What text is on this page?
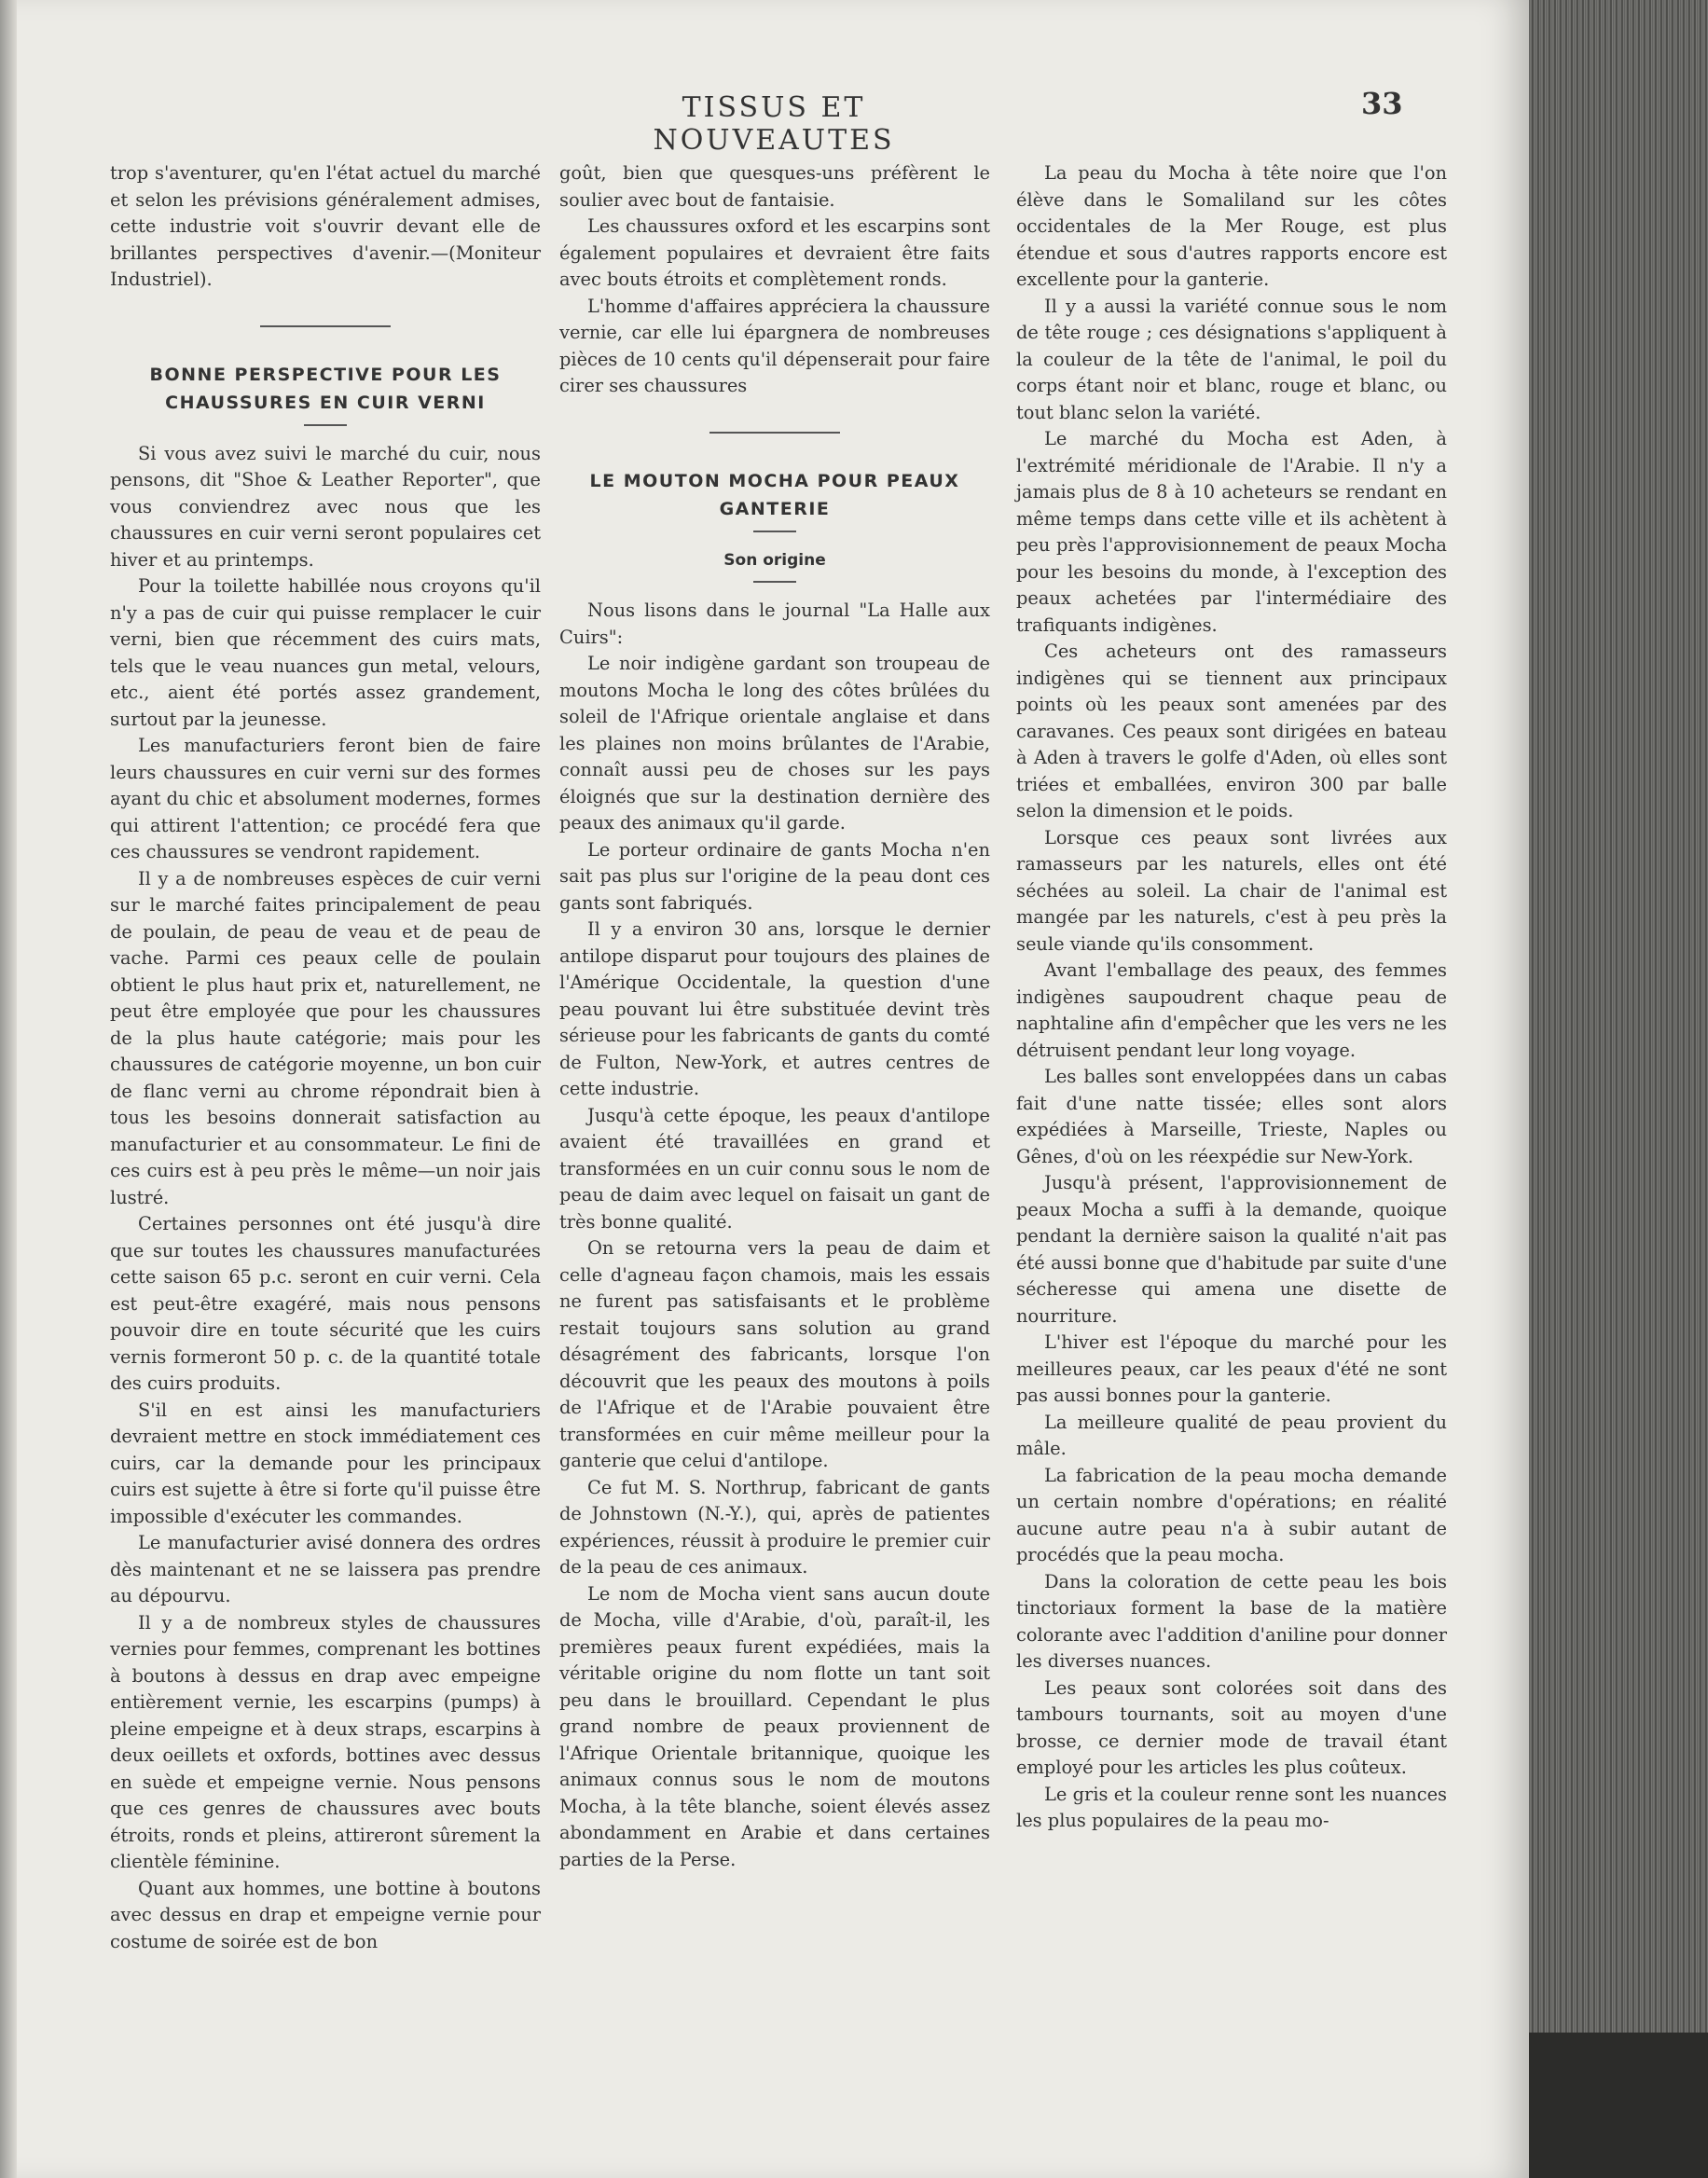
TISSUS ET NOUVEAUTES
33

trop s'aventurer, qu'en l'état actuel du marché et selon les prévisions généralement admises, cette industrie voit s'ouvrir devant elle de brillantes perspectives d'avenir.—(Moniteur Industriel).

BONNE PERSPECTIVE POUR LES CHAUSSURES EN CUIR VERNI

Si vous avez suivi le marché du cuir, nous pensons, dit "Shoe & Leather Reporter", que vous conviendrez avec nous que les chaussures en cuir verni seront populaires cet hiver et au printemps.

Pour la toilette habillée nous croyons qu'il n'y a pas de cuir qui puisse remplacer le cuir verni, bien que récemment des cuirs mats, tels que le veau nuances gun metal, velours, etc., aient été portés assez grandement, surtout par la jeunesse.

Les manufacturiers feront bien de faire leurs chaussures en cuir verni sur des formes ayant du chic et absolument modernes, formes qui attirent l'attention; ce procédé fera que ces chaussures se vendront rapidement.

Il y a de nombreuses espèces de cuir verni sur le marché faites principalement de peau de poulain, de peau de veau et de peau de vache. Parmi ces peaux celle de poulain obtient le plus haut prix et, naturellement, ne peut être employée que pour les chaussures de la plus haute catégorie; mais pour les chaussures de catégorie moyenne, un bon cuir de flanc verni au chrome répondrait bien à tous les besoins donnerait satisfaction au manufacturier et au consommateur. Le fini de ces cuirs est à peu près le même—un noir jais lustré.

Certaines personnes ont été jusqu'à dire que sur toutes les chaussures manufacturées cette saison 65 p.c. seront en cuir verni. Cela est peut-être exagéré, mais nous pensons pouvoir dire en toute sécurité que les cuirs vernis formeront 50 p. c. de la quantité totale des cuirs produits.

S'il en est ainsi les manufacturiers devraient mettre en stock immédiatement ces cuirs, car la demande pour les principaux cuirs est sujette à être si forte qu'il puisse être impossible d'exécuter les commandes.

Le manufacturier avisé donnera des ordres dès maintenant et ne se laissera pas prendre au dépourvu.

Il y a de nombreux styles de chaussures vernies pour femmes, comprenant les bottines à boutons à dessus en drap avec empeigne entièrement vernie, les escarpins (pumps) à pleine empeigne et à deux straps, escarpins à deux oeillets et oxfords, bottines avec dessus en suède et empeigne vernie. Nous pensons que ces genres de chaussures avec bouts étroits, ronds et pleins, attireront sûrement la clientèle féminine.

Quant aux hommes, une bottine à boutons avec dessus en drap et empeigne vernie pour costume de soirée est de bon

goût, bien que quesques-uns préfèrent le soulier avec bout de fantaisie.

Les chaussures oxford et les escarpins sont également populaires et devraient être faits avec bouts étroits et complètement ronds.

L'homme d'affaires appréciera la chaussure vernie, car elle lui épargnera de nombreuses pièces de 10 cents qu'il dépenserait pour faire cirer ses chaussures

LE MOUTON MOCHA POUR PEAUX GANTERIE
Son origine

Nous lisons dans le journal "La Halle aux Cuirs":

Le noir indigène gardant son troupeau de moutons Mocha le long des côtes brûlées du soleil de l'Afrique orientale anglaise et dans les plaines non moins brûlantes de l'Arabie, connaît aussi peu de choses sur les pays éloignés que sur la destination dernière des peaux des animaux qu'il garde.

Le porteur ordinaire de gants Mocha n'en sait pas plus sur l'origine de la peau dont ces gants sont fabriqués.

Il y a environ 30 ans, lorsque le dernier antilope disparut pour toujours des plaines de l'Amérique Occidentale, la question d'une peau pouvant lui être substituée devint très sérieuse pour les fabricants de gants du comté de Fulton, New-York, et autres centres de cette industrie.

Jusqu'à cette époque, les peaux d'antilope avaient été travaillées en grand et transformées en un cuir connu sous le nom de peau de daim avec lequel on faisait un gant de très bonne qualité.

On se retourna vers la peau de daim et celle d'agneau façon chamois, mais les essais ne furent pas satisfaisants et le problème restait toujours sans solution au grand désagrément des fabricants, lorsque l'on découvrit que les peaux des moutons à poils de l'Afrique et de l'Arabie pouvaient être transformées en cuir même meilleur pour la ganterie que celui d'antilope.

Ce fut M. S. Northrup, fabricant de gants de Johnstown (N.-Y.), qui, après de patientes expériences, réussit à produire le premier cuir de la peau de ces animaux.

Le nom de Mocha vient sans aucun doute de Mocha, ville d'Arabie, d'où, paraît-il, les premières peaux furent expédiées, mais la véritable origine du nom flotte un tant soit peu dans le brouillard. Cependant le plus grand nombre de peaux proviennent de l'Afrique Orientale britannique, quoique les animaux connus sous le nom de moutons Mocha, à la tête blanche, soient élevés assez abondamment en Arabie et dans certaines parties de la Perse.

La peau du Mocha à tête noire que l'on élève dans le Somaliland sur les côtes occidentales de la Mer Rouge, est plus étendue et sous d'autres rapports encore est excellente pour la ganterie.

Il y a aussi la variété connue sous le nom de tête rouge ; ces désignations s'appliquent à la couleur de la tête de l'animal, le poil du corps étant noir et blanc, rouge et blanc, ou tout blanc selon la variété.

Le marché du Mocha est Aden, à l'extrémité méridionale de l'Arabie. Il n'y a jamais plus de 8 à 10 acheteurs se rendant en même temps dans cette ville et ils achètent à peu près l'approvisionnement de peaux Mocha pour les besoins du monde, à l'exception des peaux achetées par l'intermédiaire des trafiquants indigènes.

Ces acheteurs ont des ramasseurs indigènes qui se tiennent aux principaux points où les peaux sont amenées par des caravanes. Ces peaux sont dirigées en bateau à Aden à travers le golfe d'Aden, où elles sont triées et emballées, environ 300 par balle selon la dimension et le poids.

Lorsque ces peaux sont livrées aux ramasseurs par les naturels, elles ont été séchées au soleil. La chair de l'animal est mangée par les naturels, c'est à peu près la seule viande qu'ils consomment.

Avant l'emballage des peaux, des femmes indigènes saupoudrent chaque peau de naphtaline afin d'empêcher que les vers ne les détruisent pendant leur long voyage.

Les balles sont enveloppées dans un cabas fait d'une natte tissée; elles sont alors expédiées à Marseille, Trieste, Naples ou Gênes, d'où on les réexpédie sur New-York.

Jusqu'à présent, l'approvisionnement de peaux Mocha a suffi à la demande, quoique pendant la dernière saison la qualité n'ait pas été aussi bonne que d'habitude par suite d'une sécheresse qui amena une disette de nourriture.

L'hiver est l'époque du marché pour les meilleures peaux, car les peaux d'été ne sont pas aussi bonnes pour la ganterie.

La meilleure qualité de peau provient du mâle.

La fabrication de la peau mocha demande un certain nombre d'opérations; en réalité aucune autre peau n'a à subir autant de procédés que la peau mocha.

Dans la coloration de cette peau les bois tinctoriaux forment la base de la matière colorante avec l'addition d'aniline pour donner les diverses nuances.

Les peaux sont colorées soit dans des tambours tournants, soit au moyen d'une brosse, ce dernier mode de travail étant employé pour les articles les plus coûteux.

Le gris et la couleur renne sont les nuances les plus populaires de la peau mo-
